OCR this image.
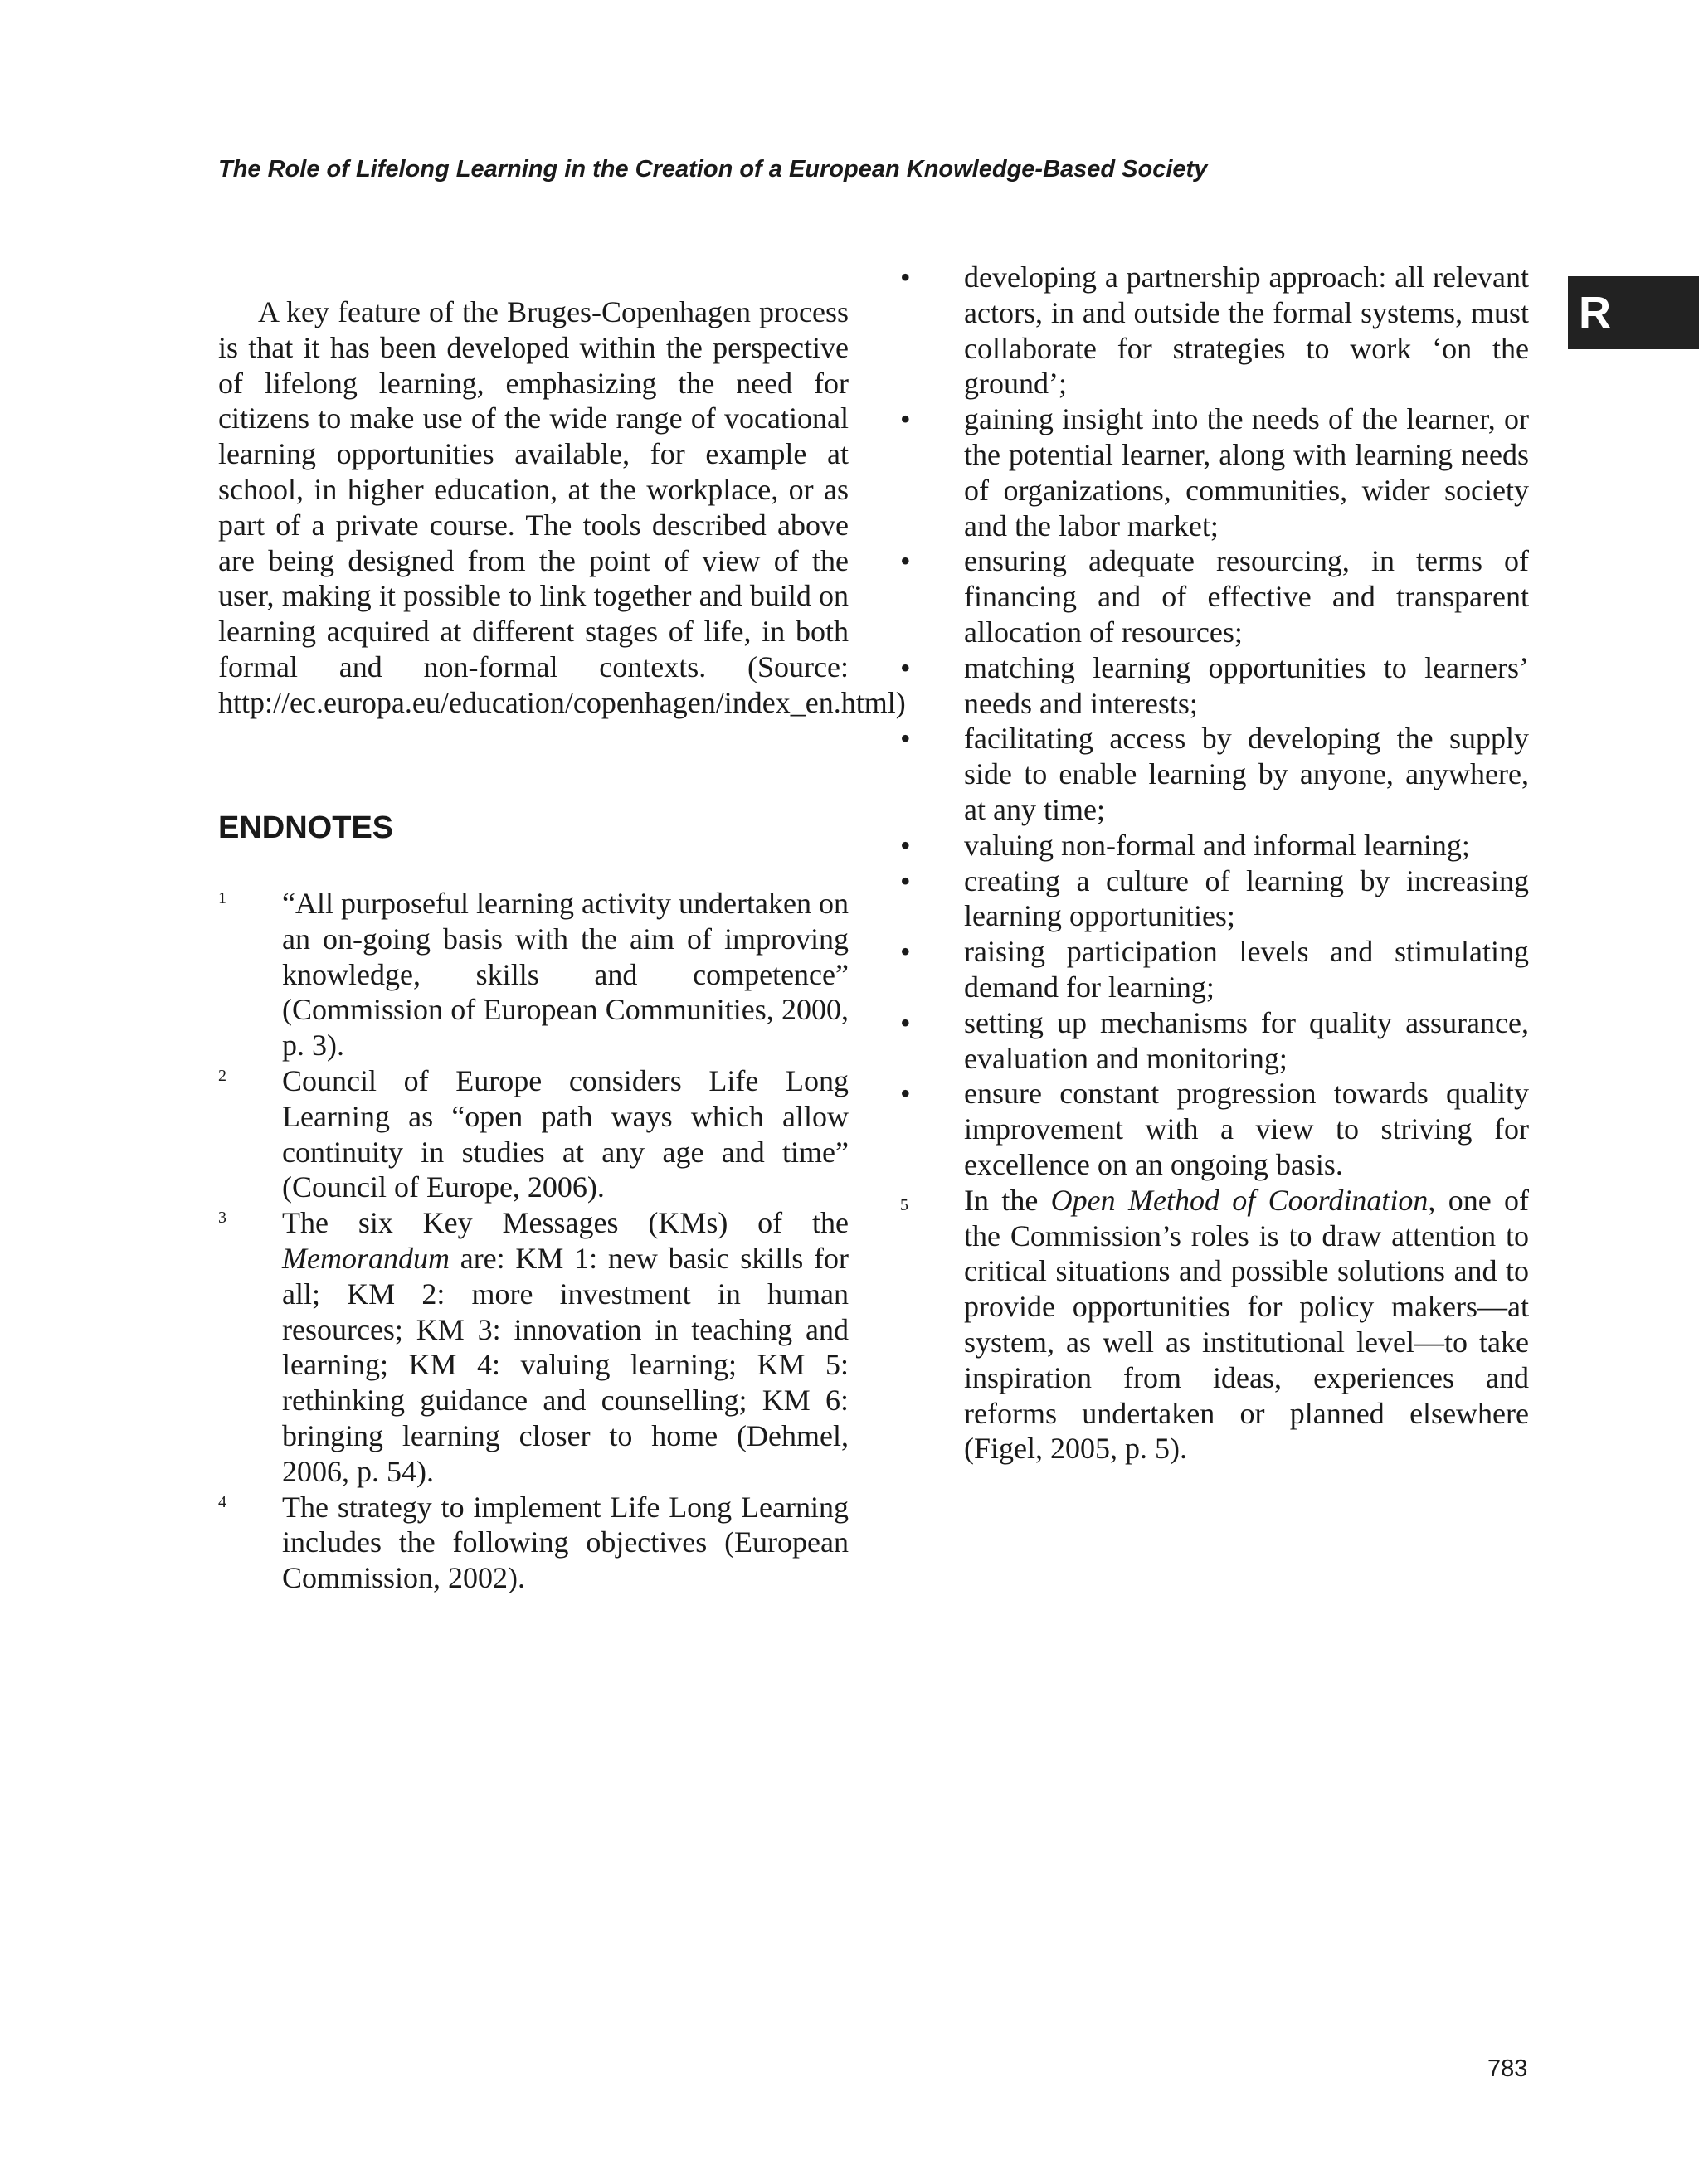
The Role of Lifelong Learning in the Creation of a European Knowledge-Based Society
R

A key feature of the Bruges-Copenhagen process is that it has been developed within the perspective of lifelong learning, emphasizing the need for citizens to make use of the wide range of vocational learning opportunities available, for example at school, in higher education, at the workplace, or as part of a private course. The tools described above are being designed from the point of view of the user, making it possible to link together and build on learning acquired at different stages of life, in both formal and non-formal contexts. (Source: http://ec.europa.eu/education/copenhagen/index_en.html)

ENDNOTES
1 “All purposeful learning activity undertaken on an on-going basis with the aim of improving knowledge, skills and competence” (Commission of European Communities, 2000, p. 3).

2 Council of Europe considers Life Long Learning as “open path ways which allow continuity in studies at any age and time” (Council of Europe, 2006).

3 The six Key Messages (KMs) of the Memorandum are: KM 1: new basic skills for all; KM 2: more investment in human resources; KM 3: innovation in teaching and learning; KM 4: valuing learning; KM 5: rethinking guidance and counselling; KM 6: bringing learning closer to home (Dehmel, 2006, p. 54).

4 The strategy to implement Life Long Learning includes the following objectives (European Commission, 2002).

• developing a partnership approach: all relevant actors, in and outside the formal systems, must collaborate for strategies to work ‘on the ground’;
• gaining insight into the needs of the learner, or the potential learner, along with learning needs of organizations, communities, wider society and the labor market;
• ensuring adequate resourcing, in terms of financing and of effective and transparent allocation of resources;
• matching learning opportunities to learners’ needs and interests;
• facilitating access by developing the supply side to enable learning by anyone, anywhere, at any time;
• valuing non-formal and informal learning;
• creating a culture of learning by increasing learning opportunities;
• raising participation levels and stimulating demand for learning;
• setting up mechanisms for quality assurance, evaluation and monitoring;
• ensure constant progression towards quality improvement with a view to striving for excellence on an ongoing basis.

In the Open Method of Coordination, one of the Commission’s roles is to draw attention to critical situations and possible solutions and to provide opportunities for policy makers—at system, as well as institutional level—to take inspiration from ideas, experiences and reforms undertaken or planned elsewhere (Figel, 2005, p. 5).

5

783
